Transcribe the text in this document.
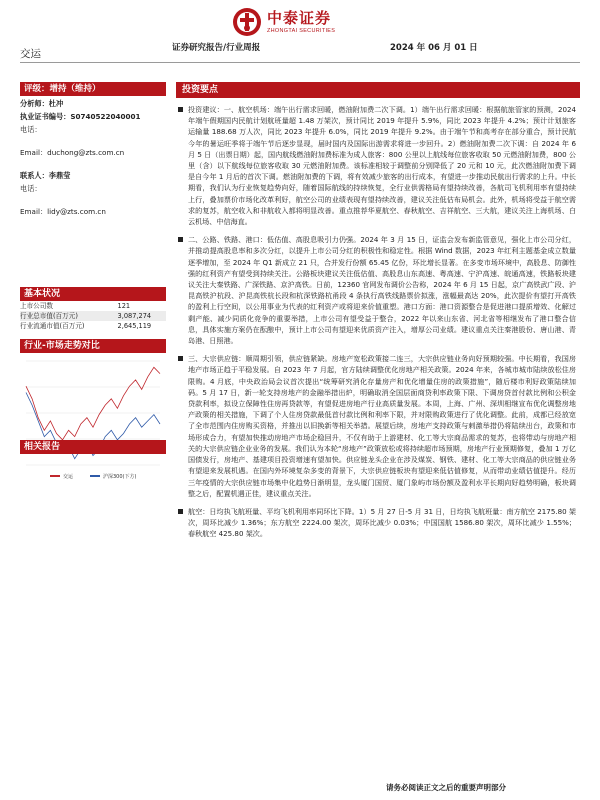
中泰证券
ZHONGTAI SECURITIES
交运	证券研究报告/行业周报	2024 年 06 月 01 日
评级：增持（维持）
分析师：杜冲
执业证书编号：S0740522040001
电话：
Email：duchong@zts.com.cn
联系人：李鼎莹
电话：
Email：lidy@zts.com.cn
基本状况
上市公司数	121
行业总市值(百万元)	3,087,274
行业流通市值(百万元)	2,645,119
行业-市场走势对比
交运	沪深300(下方)
相关报告
投资要点
投资建议：一、航空机场：端午出行需求回暖，燃油附加费二次下调。1）端午出行需求回暖：根据航旅管家的预测，2024 年端午假期国内民航计划航班量超 1.48 万架次，预计同比 2019 年提升 5.9%，同比 2023 年提升 4.2%；预计计划旅客运输量 188.68 万人次，同比 2023 年提升 6.0%，同比 2019 年提升 9.2%。由于端午节和高考存在部分重合，预计民航今年的暑运旺季将于端午节后逐步显现，届时国内及国际出游需求将进一步回升。2）燃油附加费二次下调：自 2024 年 6 月 5 日（出票日期）起，国内航线燃油附加费标准为成人旅客：800 公里以上航线每位旅客收取 50 元燃油附加费，800 公里（含）以下航线每位旅客收取 30 元燃油附加费。该标准相较于调整前分别降低了 20 元和 10 元，此次燃油附加费下调是自今年 1 月后的首次下调。燃油附加费的下调，将有效减少旅客的出行成本，有望进一步推动民航出行需求的上升。中长期看，我们认为行业恢复趋势向好，随着国际航线的持续恢复，全行业供需格局有望持续改善，各航司飞机利用率有望持续上行，叠加票价市场化改革利好，航空公司的业绩表现有望持续改善，建议关注低估布局机会。此外，机场将受益于航空需求的复苏，航空收入和非航收入都将明显改善。重点推荐华夏航空、春秋航空、吉祥航空、三大航，建议关注上海机场、白云机场、中信海直。
二、公路、铁路、港口：低估值、高股息吸引力仍强。2024 年 3 月 15 日，证监会发布新监管意见，强化上市公司分红，并推动提高股息率和多次分红，以提升上市公司分红的积极性和稳定性。根据 Wind 数据，2023 年红利主题基金成立数量逐季增加，至 2024 年 Q1 新成立 21 只，合并发行份额 65.45 亿份，环比增长显著。在多变市场环境中，高股息、防御性强的红利资产有望受到持续关注。公路板块建议关注低估值、高股息山东高速、粤高速、宁沪高速、皖通高速，铁路板块建议关注大秦铁路、广深铁路、京沪高铁。日前，12360 官网发布调价公告称，2024 年 6 月 15 日起，京广高铁武广段、沪昆高铁沪杭段、沪昆高铁杭长段和杭深铁路杭甬段 4 条执行高铁线路票价拟涨，涨幅最高达 20%，此次提价有望打开高铁的盈利上行空间，以公用事业为代表的红利资产或将迎来价值重塑。港口方面：港口资源整合是促进港口提质增效、化解过剩产能、减少同质化竞争的重要举措，上市公司有望受益于整合，2022 年以来山东省、河北省等相继发布了港口整合信息，具体实施方案仍在酝酿中，预计上市公司有望迎来优质资产注入，增厚公司业绩。建议重点关注秦港股份、唐山港、青岛港、日照港。
三、大宗供应链：顺周期引领，供应链紧缺。房地产宽松政策接二连三，大宗供应链业务向好预期较强。中长期看，我国房地产市场正趋于平稳发展。自 2023 年 7 月起，官方陆续调整优化房地产相关政策。2024 年来，各城市城市陆续放松住房限购。4 月底，中央政治局会议首次提出“统筹研究消化存量房产和优化增量住房的政策措施”，随后楼市利好政策陆续加码。5 月 17 日，新一轮支持房地产的金融举措出炉，明确取消全国层面商贷利率政策下限、下调房贷首付款比例和公积金贷款利率，拟设立保障性住房再贷款等，有望促进房地产行业高质量发展。本周，上海、广州、深圳相继宣布优化调整房地产政策的相关措施，下调了个人住房贷款最低首付款比例和利率下限，并对限购政策进行了优化调整。此前，成都已经放宽了全市范围内住房购买资格，并推出以旧换新等相关举措。展望后续，房地产支持政策与刺激举措仍将陆续出台，政策和市场形成合力，有望加快推动房地产市场企稳回升，不仅有助于上游建材、化工等大宗商品需求的复苏，也将带动与房地产相关的大宗供应链企业业务的发展。我们认为本轮“房地产”政策放松或将持续超市场预期，房地产行业预期修复，叠加 1 万亿国债发行，房地产、基建项目投资增速有望加快。供应链龙头企业在涉及煤炭、钢铁、建材、化工等大宗商品的供应链业务有望迎来发展机遇。在国内外环境复杂多变的背景下，大宗供应链板块有望迎来低估值修复，从而带动业绩估值提升。经历三年疫情的大宗供应链市场集中化趋势日渐明显，龙头厦门国贸、厦门象屿市场份额及盈利水平长期向好趋势明确，板块调整之后，配置机遇正佳，建议重点关注。
航空：日均执飞航班量、平均飞机利用率同环比下降。1）5 月 27 日-5 月 31 日，日均执飞航班量：南方航空 2175.80 架次，周环比减少 1.36%；东方航空 2224.00 架次，周环比减少 0.03%；中国国航 1586.80 架次，周环比减少 1.55%；春秋航空 425.80 架次。
请务必阅读正文之后的重要声明部分
